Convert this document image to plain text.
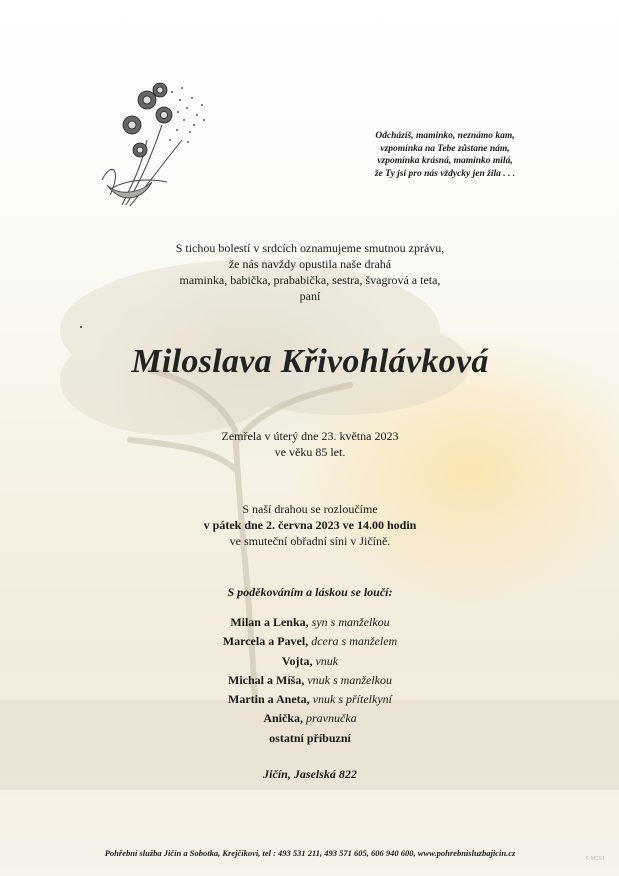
Odcházíš, maminko, neznámo kam,
vzpomínka na Tebe zůstane nám,
vzpomínka krásná, maminko milá,
že Ty jsi pro nás vždycky jen žila . . .
S tichou bolestí v srdcích oznamujeme smutnou zprávu,
že nás navždy opustila naše drahá
maminka, babička, prababička, sestra, švagrová a teta,
paní
Miloslava Křivohlávková
Zemřela v úterý dne 23. května 2023
ve věku 85 let.
S naší drahou se rozloučíme
v pátek dne 2. června 2023 ve 14.00 hodin
ve smuteční obřadní síni v Jičíně.
S poděkováním a láskou se loučí:
Milan a Lenka, syn s manželkou
Marcela a Pavel, dcera s manželem
Vojta, vnuk
Michal a Míša, vnuk s manželkou
Martin a Aneta, vnuk s přítelkyní
Anička, pravnučka
ostatní příbuzní
Jičín, Jaselská 822
Pohřební služba Jičín a Sobotka, Krejčíkovi, tel : 493 531 211, 493 571 605, 606 940 600, www.pohrebnisluzbajicin.cz
© MCST
